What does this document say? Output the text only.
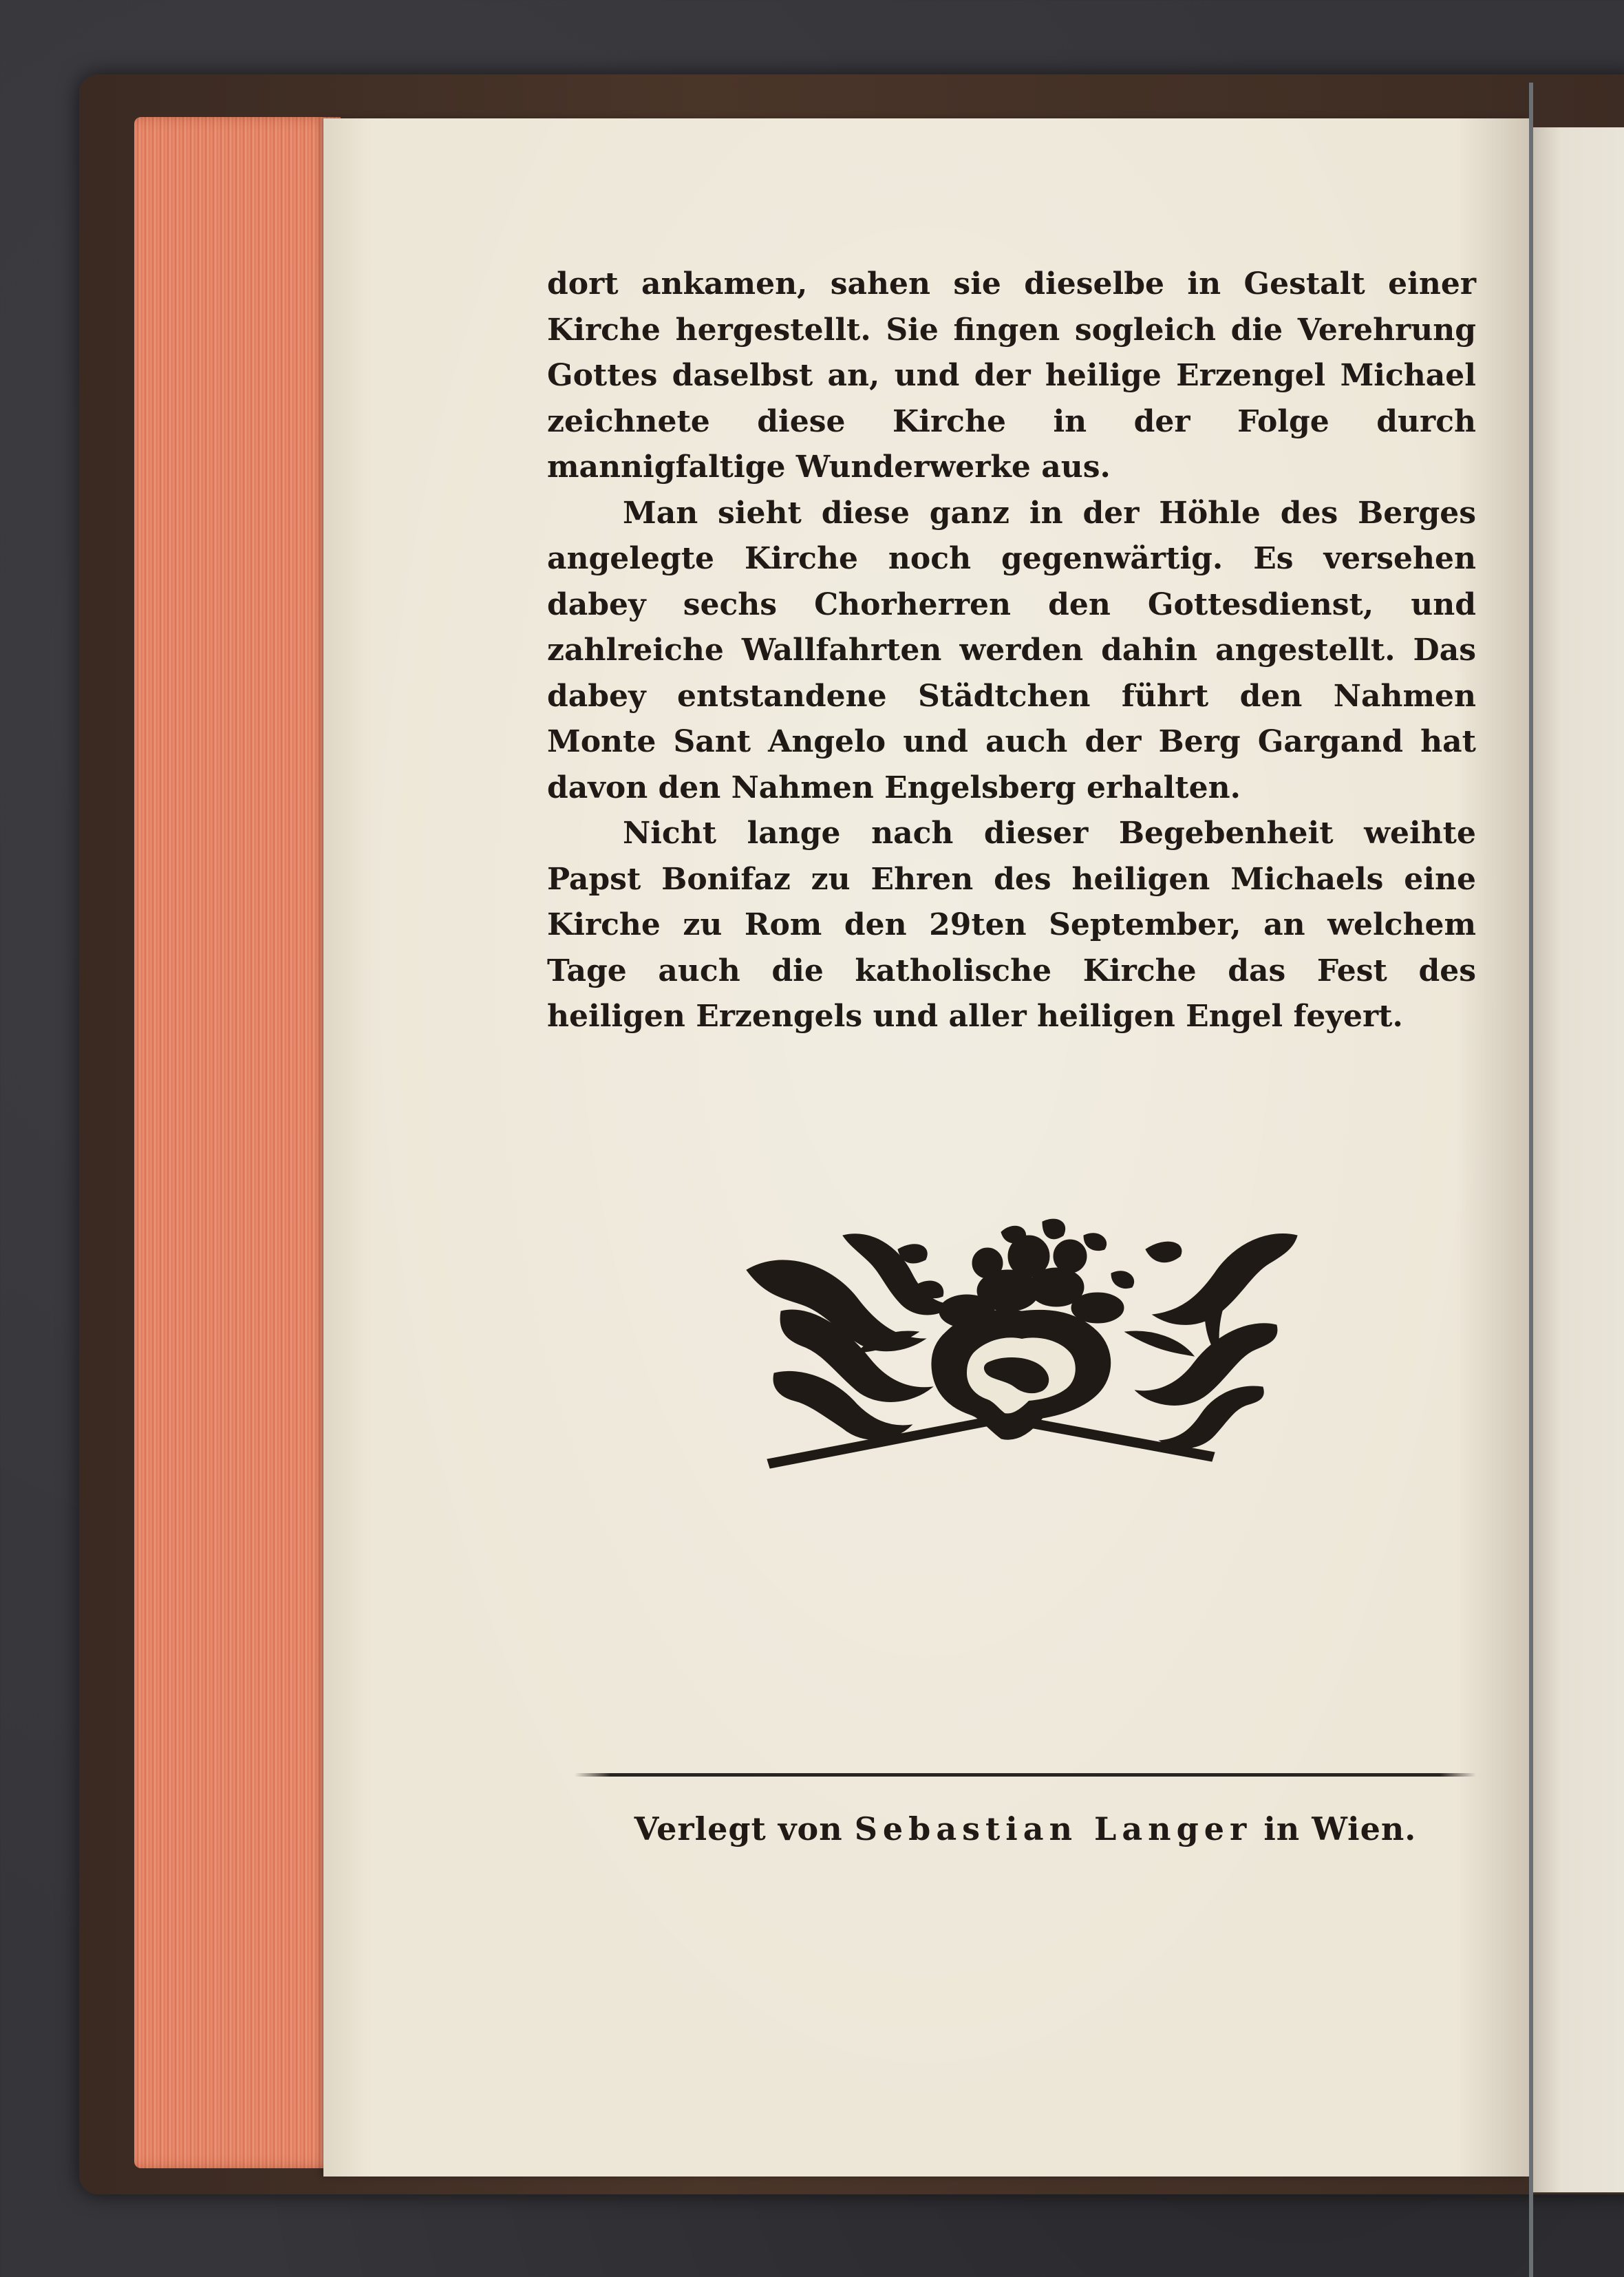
dort ankamen, sahen sie dieselbe in Gestalt einer Kirche hergestellt. Sie fingen sogleich die Verehrung Gottes daselbst an, und der heilige Erzengel Michael zeichnete diese Kirche in der Folge durch mannigfaltige Wunderwerke aus.

Man sieht diese ganz in der Höhle des Berges angelegte Kirche noch gegenwärtig. Es versehen dabey sechs Chorherren den Gottesdienst, und zahlreiche Wallfahrten werden dahin angestellt. Das dabey entstandene Städtchen führt den Nahmen Monte Sant Angelo und auch der Berg Gargand hat davon den Nahmen Engelsberg erhalten.

Nicht lange nach dieser Begebenheit weihte Papst Bonifaz zu Ehren des heiligen Michaels eine Kirche zu Rom den 29ten September, an welchem Tage auch die katholische Kirche das Fest des heiligen Erzengels und aller heiligen Engel feyert.

Verlegt von Sebastian Langer in Wien.
